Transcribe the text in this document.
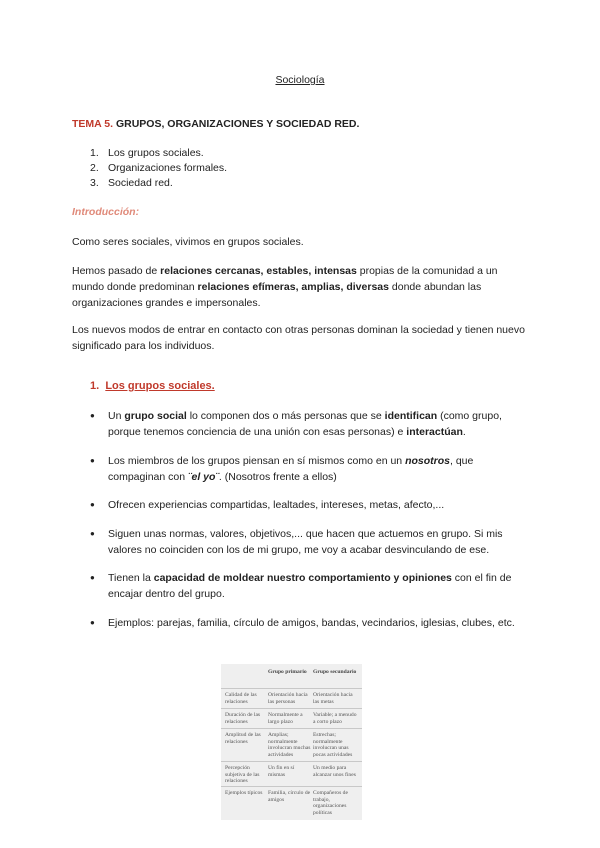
Sociología
TEMA 5. GRUPOS, ORGANIZACIONES Y SOCIEDAD RED.
1. Los grupos sociales.
2. Organizaciones formales.
3. Sociedad red.
Introducción:
Como seres sociales, vivimos en grupos sociales.
Hemos pasado de relaciones cercanas, estables, intensas propias de la comunidad a un mundo donde predominan relaciones efímeras, amplias, diversas donde abundan las organizaciones grandes e impersonales.
Los nuevos modos de entrar en contacto con otras personas dominan la sociedad y tienen nuevo significado para los individuos.
1. Los grupos sociales.
● Un grupo social lo componen dos o más personas que se identifican (como grupo, porque tenemos conciencia de una unión con esas personas) e interactúan.
● Los miembros de los grupos piensan en sí mismos como en un nosotros, que compaginan con ¨el yo¨. (Nosotros frente a ellos)
● Ofrecen experiencias compartidas, lealtades, intereses, metas, afecto,...
● Siguen unas normas, valores, objetivos,... que hacen que actuemos en grupo. Si mis valores no coinciden con los de mi grupo, me voy a acabar desvinculando de ese.
● Tienen la capacidad de moldear nuestro comportamiento y opiniones con el fin de encajar dentro del grupo.
● Ejemplos: parejas, familia, círculo de amigos, bandas, vecindarios, iglesias, clubes, etc.
Grupo primario	Grupo secundario
Calidad de las relaciones
Orientación hacia las personas
Orientación hacia las metas
Duración de las relaciones
Normalmente a largo plazo
Variable; a menudo a corto plazo
Amplitud de las relaciones
Amplias; normalmente involucran muchas actividades
Estrechas; normalmente involucran unas pocas actividades
Percepción subjetiva de las relaciones
Un fin en sí mismas
Un medio para alcanzar unos fines
Ejemplos típicos Familia, círculo de amigos
Compañeros de trabajo, organizaciones políticas
